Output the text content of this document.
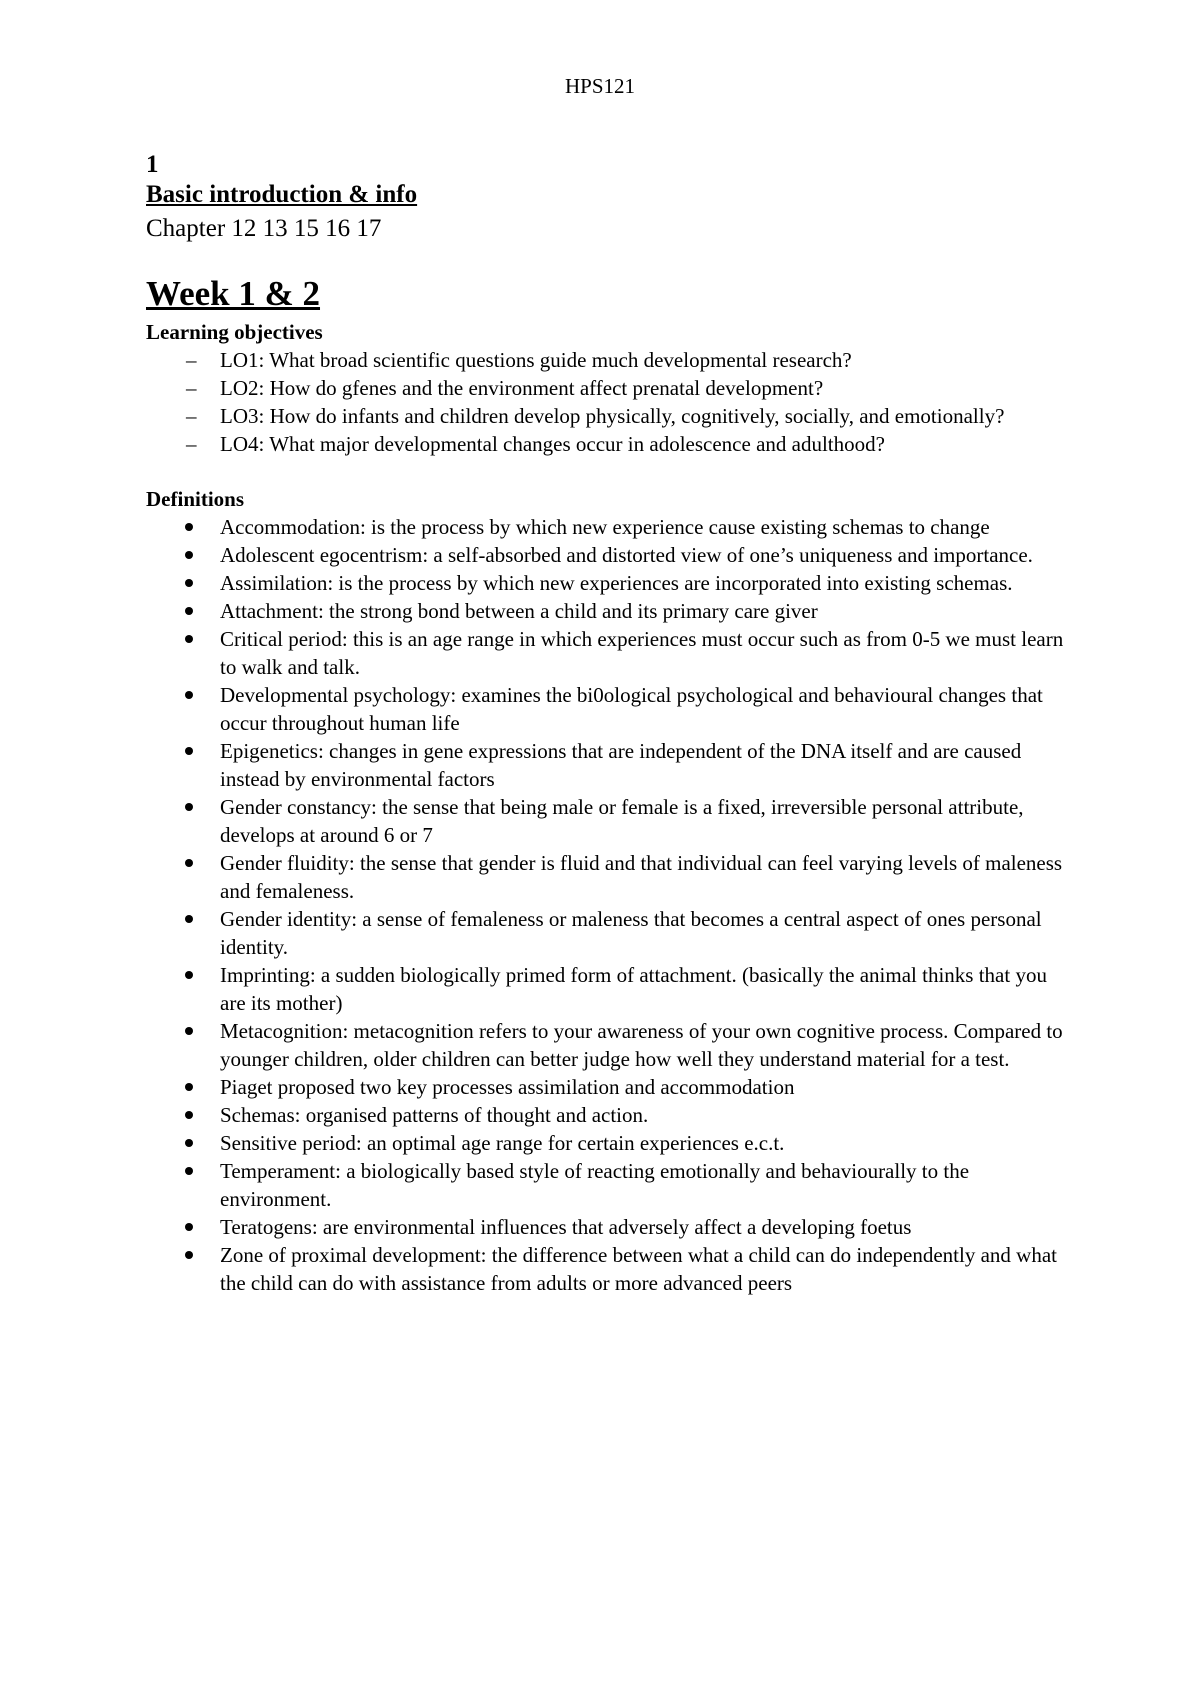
HPS121
1
Basic introduction & info
Chapter 12 13 15 16 17
Week 1 & 2
Learning objectives
– LO1: What broad scientific questions guide much developmental research?
– LO2: How do gfenes and the environment affect prenatal development?
– LO3: How do infants and children develop physically, cognitively, socially, and emotionally?
– LO4: What major developmental changes occur in adolescence and adulthood?
Definitions
Accommodation: is the process by which new experience cause existing schemas to change
Adolescent egocentrism: a self-absorbed and distorted view of one’s uniqueness and importance.
Assimilation: is the process by which new experiences are incorporated into existing schemas.
Attachment: the strong bond between a child and its primary care giver
Critical period: this is an age range in which experiences must occur such as from 0-5 we must learn to walk and talk.
Developmental psychology: examines the bi0ological psychological and behavioural changes that occur throughout human life
Epigenetics: changes in gene expressions that are independent of the DNA itself and are caused instead by environmental factors
Gender constancy: the sense that being male or female is a fixed, irreversible personal attribute, develops at around 6 or 7
Gender fluidity: the sense that gender is fluid and that individual can feel varying levels of maleness and femaleness.
Gender identity: a sense of femaleness or maleness that becomes a central aspect of ones personal identity.
Imprinting: a sudden biologically primed form of attachment. (basically the animal thinks that you are its mother)
Metacognition: metacognition refers to your awareness of your own cognitive process. Compared to younger children, older children can better judge how well they understand material for a test.
Piaget proposed two key processes assimilation and accommodation
Schemas: organised patterns of thought and action.
Sensitive period: an optimal age range for certain experiences e.c.t.
Temperament: a biologically based style of reacting emotionally and behaviourally to the environment.
Teratogens: are environmental influences that adversely affect a developing foetus
Zone of proximal development: the difference between what a child can do independently and what the child can do with assistance from adults or more advanced peers
